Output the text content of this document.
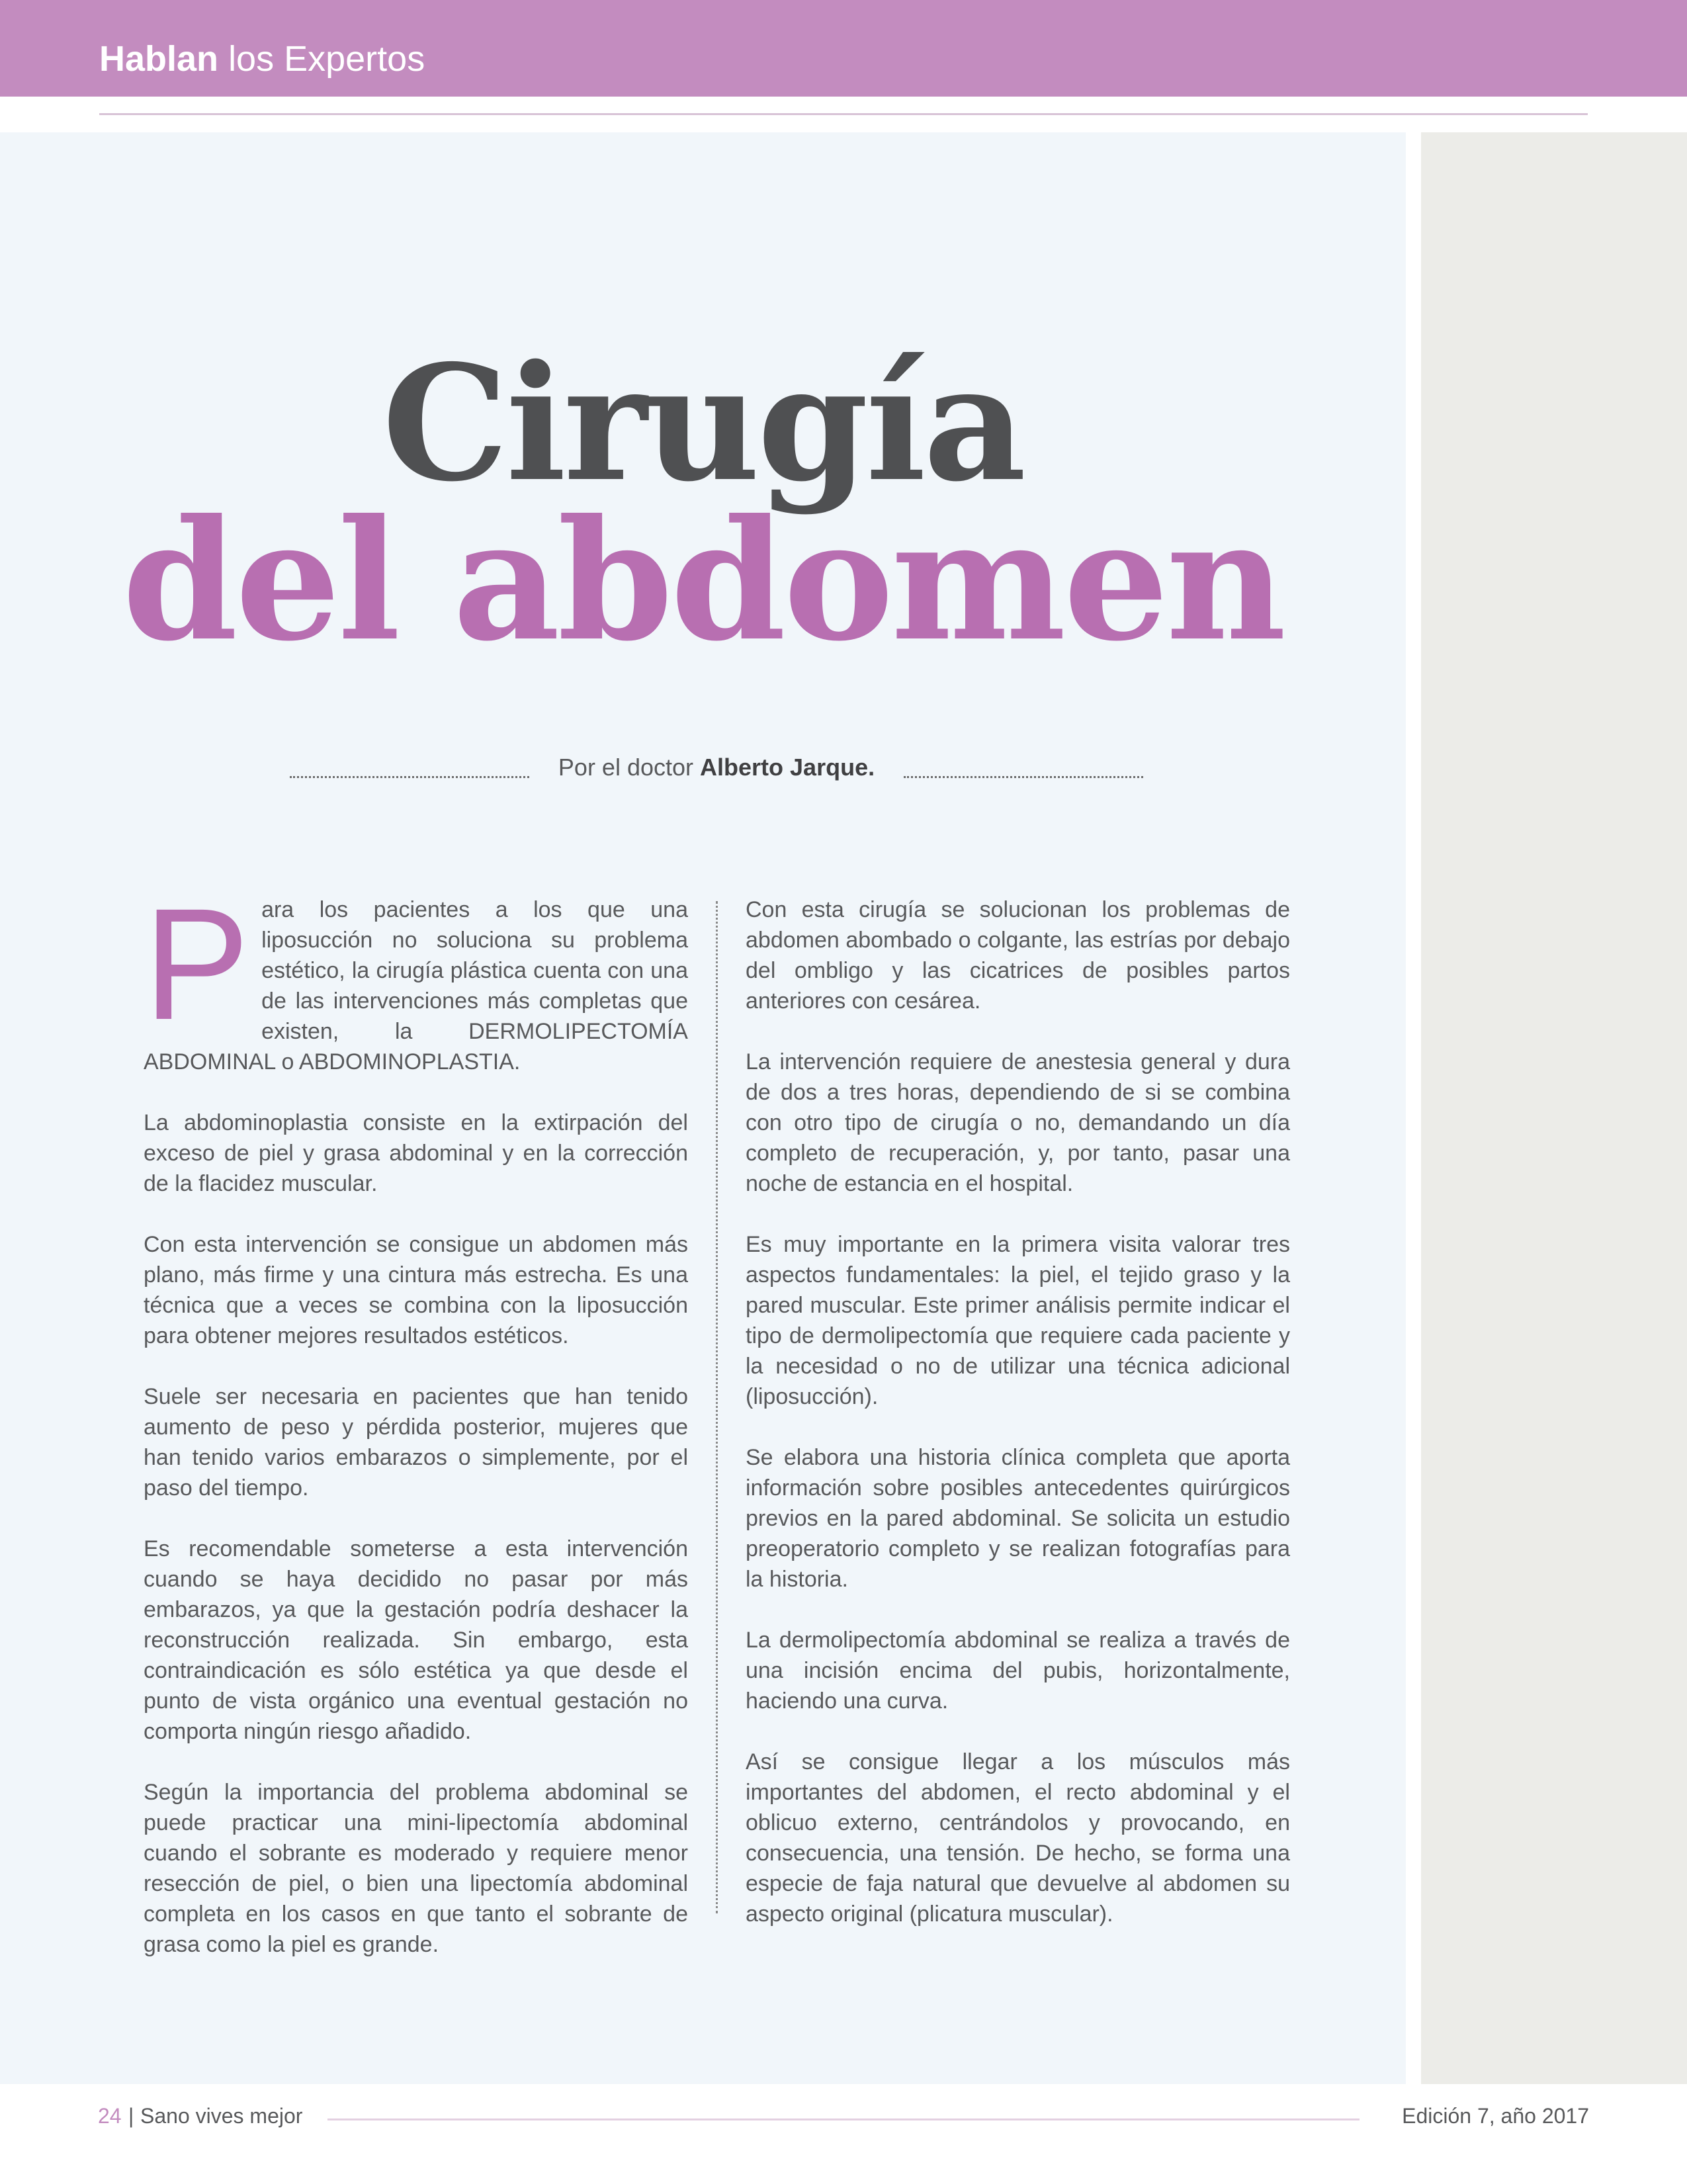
Hablan los Expertos
Cirugía
del abdomen
Por el doctor Alberto Jarque.

Para los pacientes a los que una liposucción no soluciona su problema estético, la cirugía plástica cuenta con una de las intervenciones más completas que existen, la DERMOLIPECTOMÍA ABDOMINAL o ABDOMINOPLASTIA.

La abdominoplastia consiste en la extirpación del exceso de piel y grasa abdominal y en la corrección de la flacidez muscular.

Con esta intervención se consigue un abdomen más plano, más firme y una cintura más estrecha. Es una técnica que a veces se combina con la liposucción para obtener mejores resultados estéticos.

Suele ser necesaria en pacientes que han tenido aumento de peso y pérdida posterior, mujeres que han tenido varios embarazos o simplemente, por el paso del tiempo.

Es recomendable someterse a esta intervención cuando se haya decidido no pasar por más embarazos, ya que la gestación podría deshacer la reconstrucción realizada. Sin embargo, esta contraindicación es sólo estética ya que desde el punto de vista orgánico una eventual gestación no comporta ningún riesgo añadido.

Según la importancia del problema abdominal se puede practicar una mini-lipectomía abdominal cuando el sobrante es moderado y requiere menor resección de piel, o bien una lipectomía abdominal completa en los casos en que tanto el sobrante de grasa como la piel es grande.

Con esta cirugía se solucionan los problemas de abdomen abombado o colgante, las estrías por debajo del ombligo y las cicatrices de posibles partos anteriores con cesárea.

La intervención requiere de anestesia general y dura de dos a tres horas, dependiendo de si se combina con otro tipo de cirugía o no, demandando un día completo de recuperación, y, por tanto, pasar una noche de estancia en el hospital.

Es muy importante en la primera visita valorar tres aspectos fundamentales: la piel, el tejido graso y la pared muscular. Este primer análisis permite indicar el tipo de dermolipectomía que requiere cada paciente y la necesidad o no de utilizar una técnica adicional (liposucción).

Se elabora una historia clínica completa que aporta información sobre posibles antecedentes quirúrgicos previos en la pared abdominal. Se solicita un estudio preoperatorio completo y se realizan fotografías para la historia.

La dermolipectomía abdominal se realiza a través de una incisión encima del pubis, horizontalmente, haciendo una curva.

Así se consigue llegar a los músculos más importantes del abdomen, el recto abdominal y el oblicuo externo, centrándolos y provocando, en consecuencia, una tensión. De hecho, se forma una especie de faja natural que devuelve al abdomen su aspecto original (plicatura muscular).

24 | Sano vives mejor	Edición 7, año 2017
